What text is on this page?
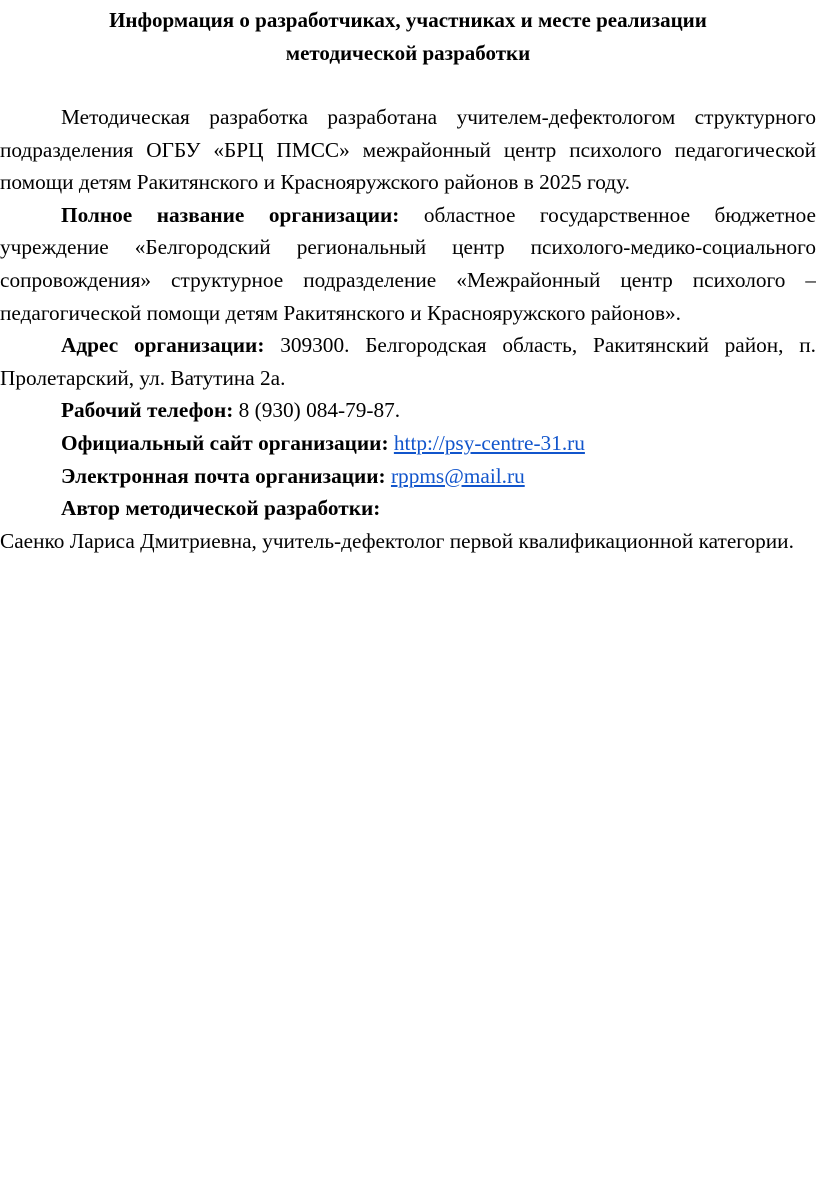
Информация о разработчиках, участниках и месте реализации
методической разработки

Методическая разработка разработана учителем-дефектологом структурного подразделения ОГБУ «БРЦ ПМСС» межрайонный центр психолого педагогической помощи детям Ракитянского и Краснояружского районов в 2025 году.

Полное название организации: областное государственное бюджетное учреждение «Белгородский региональный центр психолого-медико-социального сопровождения» структурное подразделение «Межрайонный центр психолого – педагогической помощи детям Ракитянского и Краснояружского районов».

Адрес организации: 309300. Белгородская область, Ракитянский район, п. Пролетарский, ул. Ватутина 2а.

Рабочий телефон: 8 (930) 084-79-87.

Официальный сайт организации: http://psy-centre-31.ru

Электронная почта организации: rppms@mail.ru

Автор методической разработки:

Саенко Лариса Дмитриевна, учитель-дефектолог первой квалификационной категории.
